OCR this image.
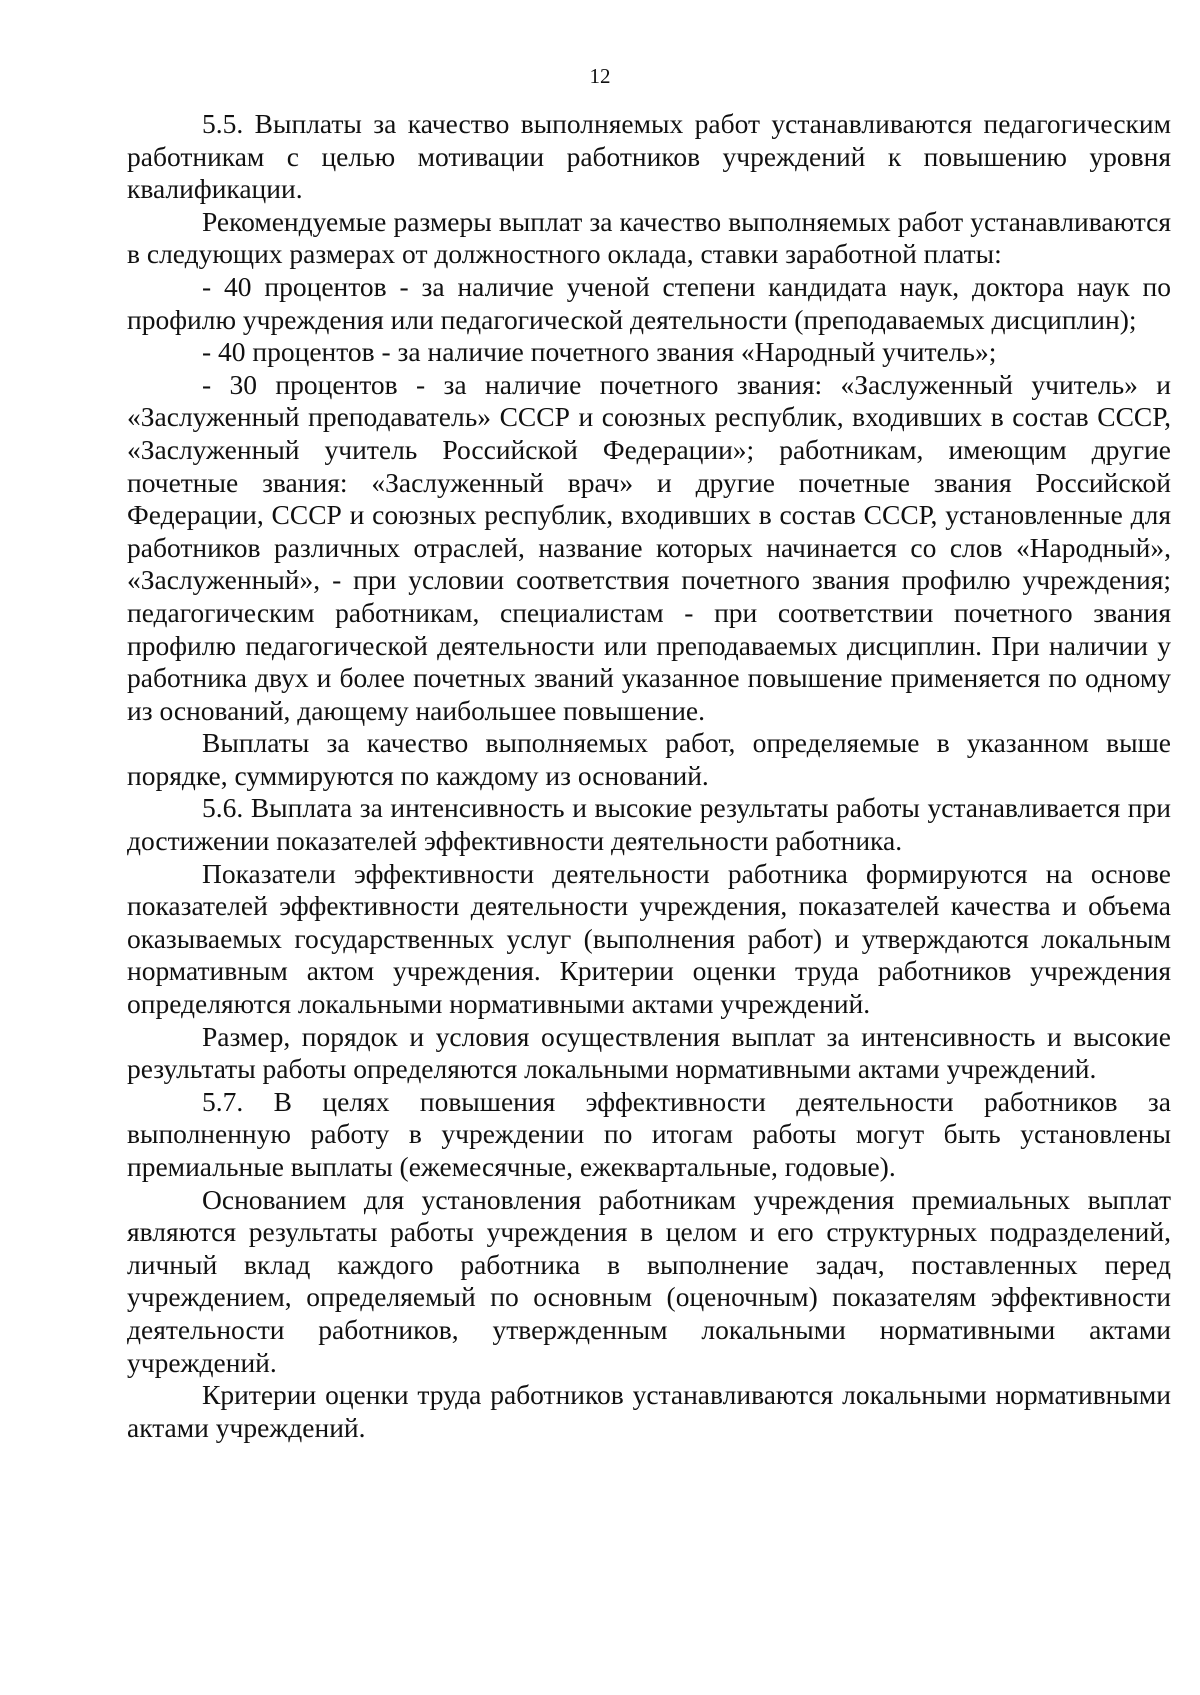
12

5.5. Выплаты за качество выполняемых работ устанавливаются педагогическим работникам с целью мотивации работников учреждений к повышению уровня квалификации.

Рекомендуемые размеры выплат за качество выполняемых работ устанавливаются в следующих размерах от должностного оклада, ставки заработной платы:

- 40 процентов - за наличие ученой степени кандидата наук, доктора наук по профилю учреждения или педагогической деятельности (преподаваемых дисциплин);

- 40 процентов - за наличие почетного звания «Народный учитель»;

- 30 процентов - за наличие почетного звания: «Заслуженный учитель» и «Заслуженный преподаватель» СССР и союзных республик, входивших в состав СССР, «Заслуженный учитель Российской Федерации»; работникам, имеющим другие почетные звания: «Заслуженный врач» и другие почетные звания Российской Федерации, СССР и союзных республик, входивших в состав СССР, установленные для работников различных отраслей, название которых начинается со слов «Народный», «Заслуженный», - при условии соответствия почетного звания профилю учреждения; педагогическим работникам, специалистам - при соответствии почетного звания профилю педагогической деятельности или преподаваемых дисциплин. При наличии у работника двух и более почетных званий указанное повышение применяется по одному из оснований, дающему наибольшее повышение.

Выплаты за качество выполняемых работ, определяемые в указанном выше порядке, суммируются по каждому из оснований.

5.6. Выплата за интенсивность и высокие результаты работы устанавливается при достижении показателей эффективности деятельности работника.

Показатели эффективности деятельности работника формируются на основе показателей эффективности деятельности учреждения, показателей качества и объема оказываемых государственных услуг (выполнения работ) и утверждаются локальным нормативным актом учреждения. Критерии оценки труда работников учреждения определяются локальными нормативными актами учреждений.

Размер, порядок и условия осуществления выплат за интенсивность и высокие результаты работы определяются локальными нормативными актами учреждений.

5.7. В целях повышения эффективности деятельности работников за выполненную работу в учреждении по итогам работы могут быть установлены премиальные выплаты (ежемесячные, ежеквартальные, годовые).

Основанием для установления работникам учреждения премиальных выплат являются результаты работы учреждения в целом и его структурных подразделений, личный вклад каждого работника в выполнение задач, поставленных перед учреждением, определяемый по основным (оценочным) показателям эффективности деятельности работников, утвержденным локальными нормативными актами учреждений.

Критерии оценки труда работников устанавливаются локальными нормативными актами учреждений.
